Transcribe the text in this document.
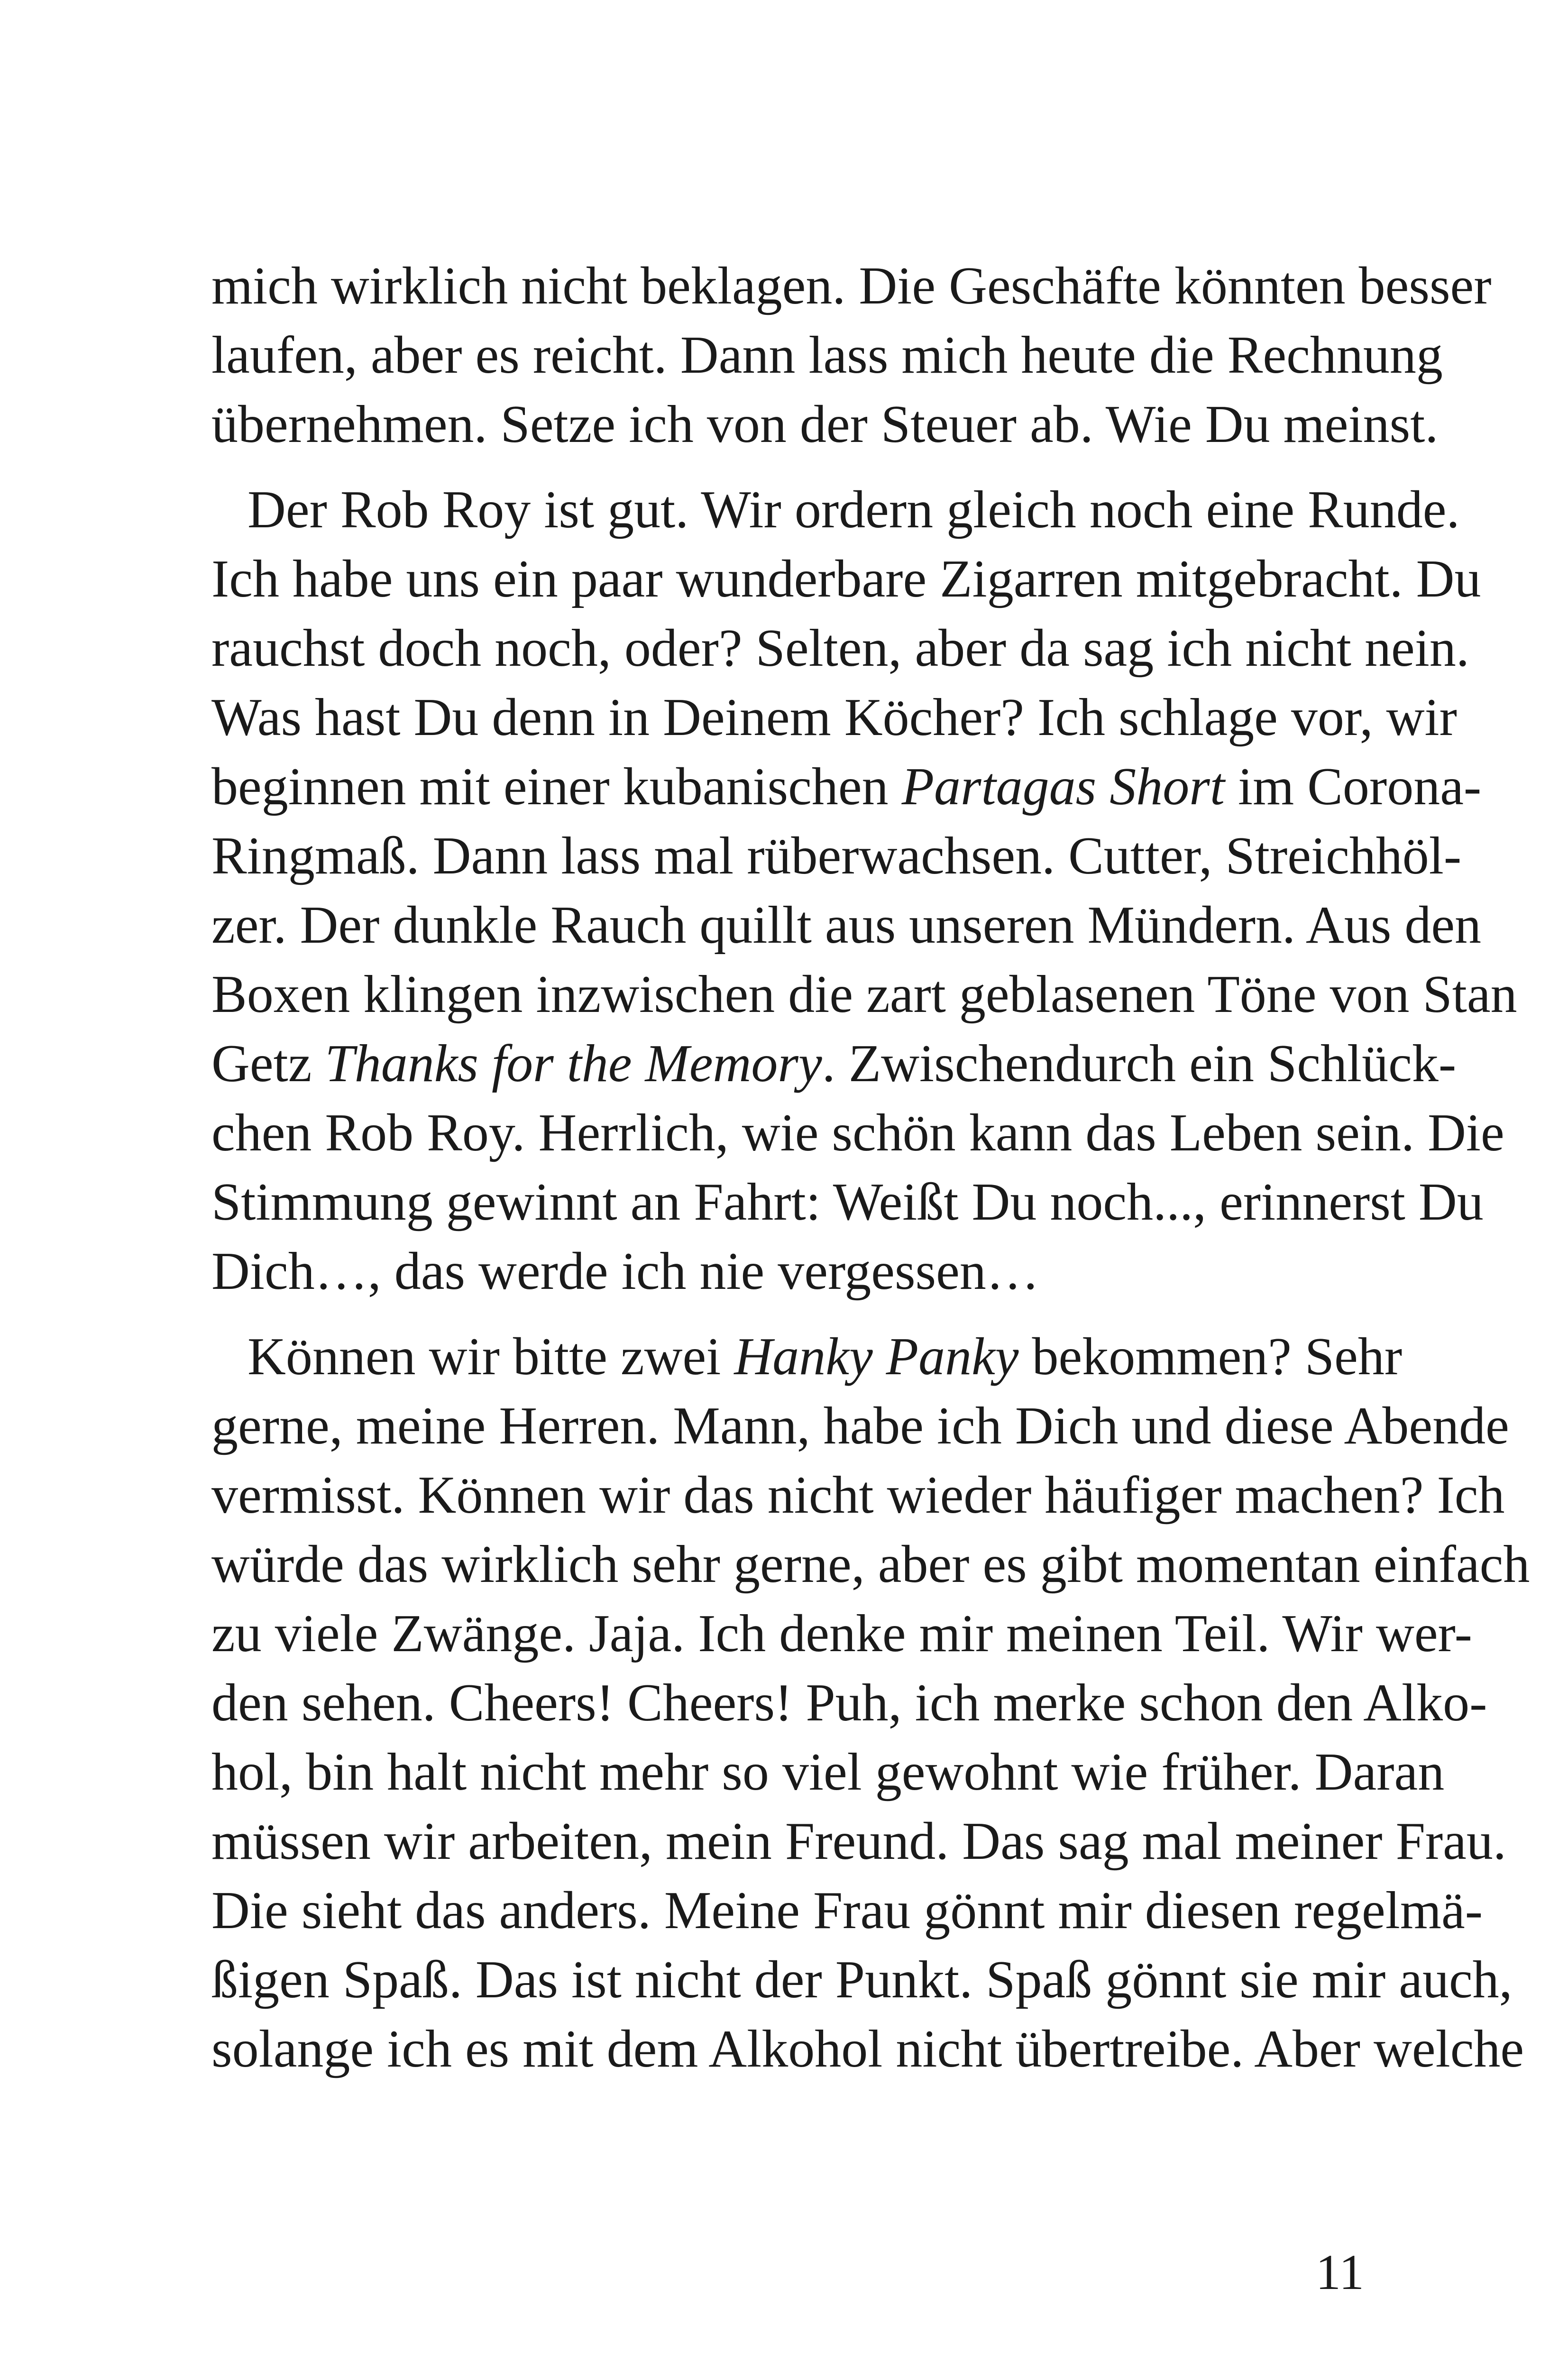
mich wirklich nicht beklagen. Die Geschäfte könnten besser
laufen, aber es reicht. Dann lass mich heute die Rechnung
übernehmen. Setze ich von der Steuer ab. Wie Du meinst.
Der Rob Roy ist gut. Wir ordern gleich noch eine Runde.
Ich habe uns ein paar wunderbare Zigarren mitgebracht. Du
rauchst doch noch, oder? Selten, aber da sag ich nicht nein.
Was hast Du denn in Deinem Köcher? Ich schlage vor, wir
beginnen mit einer kubanischen Partagas Short im Corona-
Ringmaß. Dann lass mal rüberwachsen. Cutter, Streichhöl-
zer. Der dunkle Rauch quillt aus unseren Mündern. Aus den
Boxen klingen inzwischen die zart geblasenen Töne von Stan
Getz Thanks for the Memory. Zwischendurch ein Schlück-
chen Rob Roy. Herrlich, wie schön kann das Leben sein. Die
Stimmung gewinnt an Fahrt: Weißt Du noch..., erinnerst Du
Dich…, das werde ich nie vergessen…
Können wir bitte zwei Hanky Panky bekommen? Sehr
gerne, meine Herren. Mann, habe ich Dich und diese Abende
vermisst. Können wir das nicht wieder häufiger machen? Ich
würde das wirklich sehr gerne, aber es gibt momentan einfach
zu viele Zwänge. Jaja. Ich denke mir meinen Teil. Wir wer-
den sehen. Cheers! Cheers! Puh, ich merke schon den Alko-
hol, bin halt nicht mehr so viel gewohnt wie früher. Daran
müssen wir arbeiten, mein Freund. Das sag mal meiner Frau.
Die sieht das anders. Meine Frau gönnt mir diesen regelmä-
ßigen Spaß. Das ist nicht der Punkt. Spaß gönnt sie mir auch,
solange ich es mit dem Alkohol nicht übertreibe. Aber welche
11
